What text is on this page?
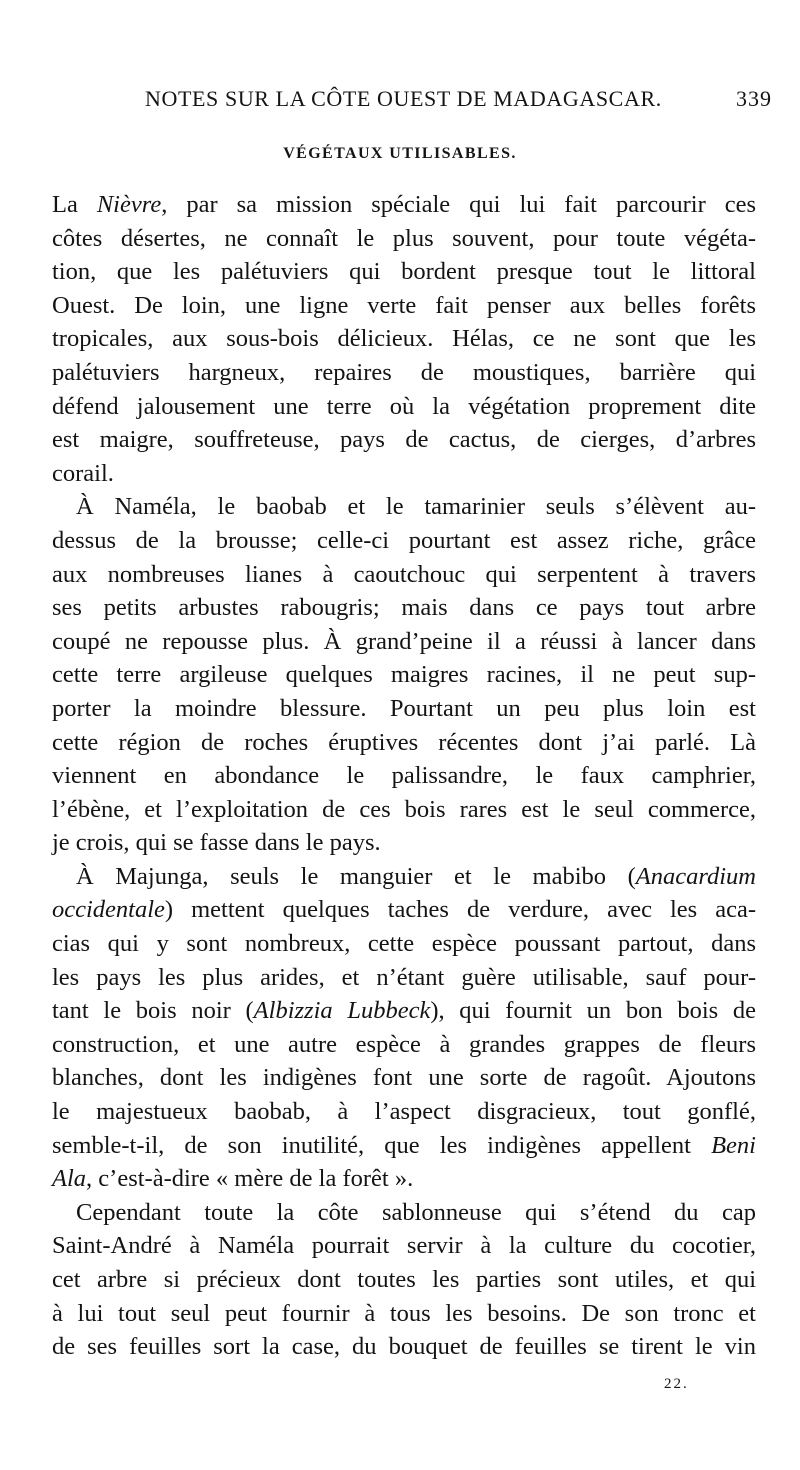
NOTES SUR LA CÔTE OUEST DE MADAGASCAR.	339
VÉGÉTAUX UTILISABLES.
La Nièvre, par sa mission spéciale qui lui fait parcourir ces
côtes désertes, ne connaît le plus souvent, pour toute végéta-
tion, que les palétuviers qui bordent presque tout le littoral
Ouest. De loin, une ligne verte fait penser aux belles forêts
tropicales, aux sous-bois délicieux. Hélas, ce ne sont que les
palétuviers hargneux, repaires de moustiques, barrière qui
défend jalousement une terre où la végétation proprement dite
est maigre, souffreteuse, pays de cactus, de cierges, d’arbres
corail.
À Naméla, le baobab et le tamarinier seuls s’élèvent au-
dessus de la brousse; celle-ci pourtant est assez riche, grâce
aux nombreuses lianes à caoutchouc qui serpentent à travers
ses petits arbustes rabougris; mais dans ce pays tout arbre
coupé ne repousse plus. À grand’peine il a réussi à lancer dans
cette terre argileuse quelques maigres racines, il ne peut sup-
porter la moindre blessure. Pourtant un peu plus loin est
cette région de roches éruptives récentes dont j’ai parlé. Là
viennent en abondance le palissandre, le faux camphrier,
l’ébène, et l’exploitation de ces bois rares est le seul commerce,
je crois, qui se fasse dans le pays.
À Majunga, seuls le manguier et le mabibo (Anacardium
occidentale) mettent quelques taches de verdure, avec les aca-
cias qui y sont nombreux, cette espèce poussant partout, dans
les pays les plus arides, et n’étant guère utilisable, sauf pour-
tant le bois noir (Albizzia Lubbeck), qui fournit un bon bois de
construction, et une autre espèce à grandes grappes de fleurs
blanches, dont les indigènes font une sorte de ragoût. Ajoutons
le majestueux baobab, à l’aspect disgracieux, tout gonflé,
semble-t-il, de son inutilité, que les indigènes appellent Beni
Ala, c’est-à-dire « mère de la forêt ».
Cependant toute la côte sablonneuse qui s’étend du cap
Saint-André à Naméla pourrait servir à la culture du cocotier,
cet arbre si précieux dont toutes les parties sont utiles, et qui
à lui tout seul peut fournir à tous les besoins. De son tronc et
de ses feuilles sort la case, du bouquet de feuilles se tirent le vin
22.
